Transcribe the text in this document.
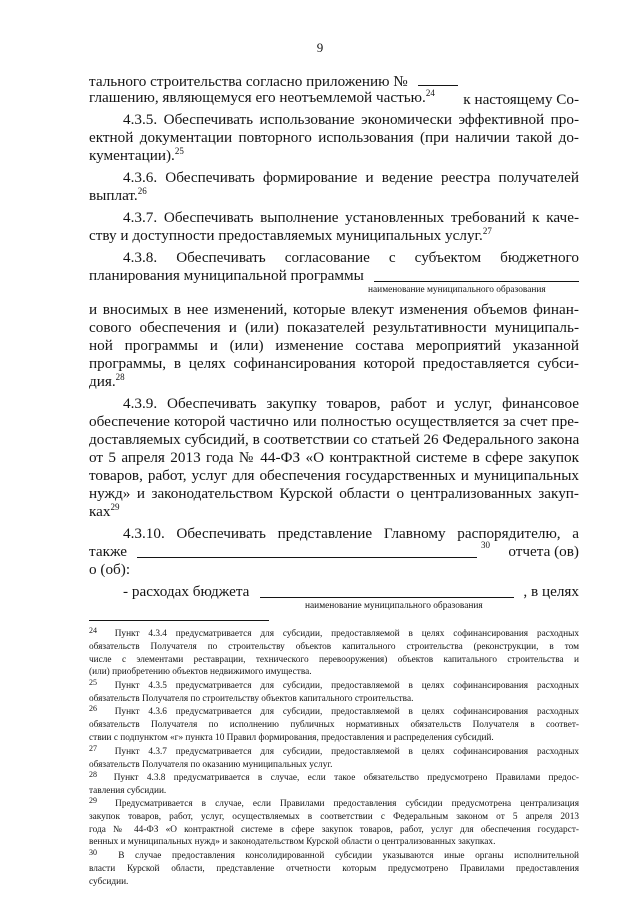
9
тального строительства согласно приложению №
к настоящему Со-
глашению, являющемуся его неотъемлемой частью.$^{24}$
4.3.5. Обеспечивать использование экономически эффективной про-
ектной документации повторного использования (при наличии такой до-
кументации).$^{25}$
4.3.6. Обеспечивать формирование и ведение реестра получателей
выплат.$^{26}$
4.3.7. Обеспечивать выполнение установленных требований к каче-
ству и доступности предоставляемых муниципальных услуг.$^{27}$
4.3.8. Обеспечивать согласование с субъектом бюджетного
планирования муниципальной программы
наименование муниципального образования
и вносимых в нее изменений, которые влекут изменения объемов финан-
сового обеспечения и (или) показателей результативности муниципаль-
ной программы и (или) изменение состава мероприятий указанной
программы, в целях софинансирования которой предоставляется субси-
дия.$^{28}$
4.3.9. Обеспечивать закупку товаров, работ и услуг, финансовое
обеспечение которой частично или полностью осуществляется за счет пре-
доставляемых субсидий, в соответствии со статьей 26 Федерального закона
от 5 апреля 2013 года № 44-ФЗ «О контрактной системе в сфере закупок
товаров, работ, услуг для обеспечения государственных и муниципальных
нужд» и законодательством Курской области о централизованных закуп-
ках$^{29}$
4.3.10. Обеспечивать представление Главному распорядителю, а
также	30 отчета (ов)
о (об):
- расходах бюджета	, в целях
наименование муниципального образования
24 Пункт 4.3.4 предусматривается для субсидии, предоставляемой в целях софинансирования расходных
обязательств Получателя по строительству объектов капитального строительства (реконструкции, в том
числе с элементами реставрации, технического перевооружения) объектов капитального строительства и
(или) приобретению объектов недвижимого имущества.
25 Пункт 4.3.5 предусматривается для субсидии, предоставляемой в целях софинансирования расходных
обязательств Получателя по строительству объектов капитального строительства.
26 Пункт 4.3.6 предусматривается для субсидии, предоставляемой в целях софинансирования расходных
обязательств Получателя по исполнению публичных нормативных обязательств Получателя в соответ-
ствии с подпунктом «г» пункта 10 Правил формирования, предоставления и распределения субсидий.
27 Пункт 4.3.7 предусматривается для субсидии, предоставляемой в целях софинансирования расходных
обязательств Получателя по оказанию муниципальных услуг.
28 Пункт 4.3.8 предусматривается в случае, если такое обязательство предусмотрено Правилами предос-
тавления субсидии.
29 Предусматривается в случае, если Правилами предоставления субсидии предусмотрена централизация
закупок товаров, работ, услуг, осуществляемых в соответствии с Федеральным законом от 5 апреля 2013
года № 44-ФЗ «О контрактной системе в сфере закупок товаров, работ, услуг для обеспечения государст-
венных и муниципальных нужд» и законодательством Курской области о централизованных закупках.
30 В случае предоставления консолидированной субсидии указываются иные органы исполнительной
власти Курской области, представление отчетности которым предусмотрено Правилами предоставления
субсидии.
